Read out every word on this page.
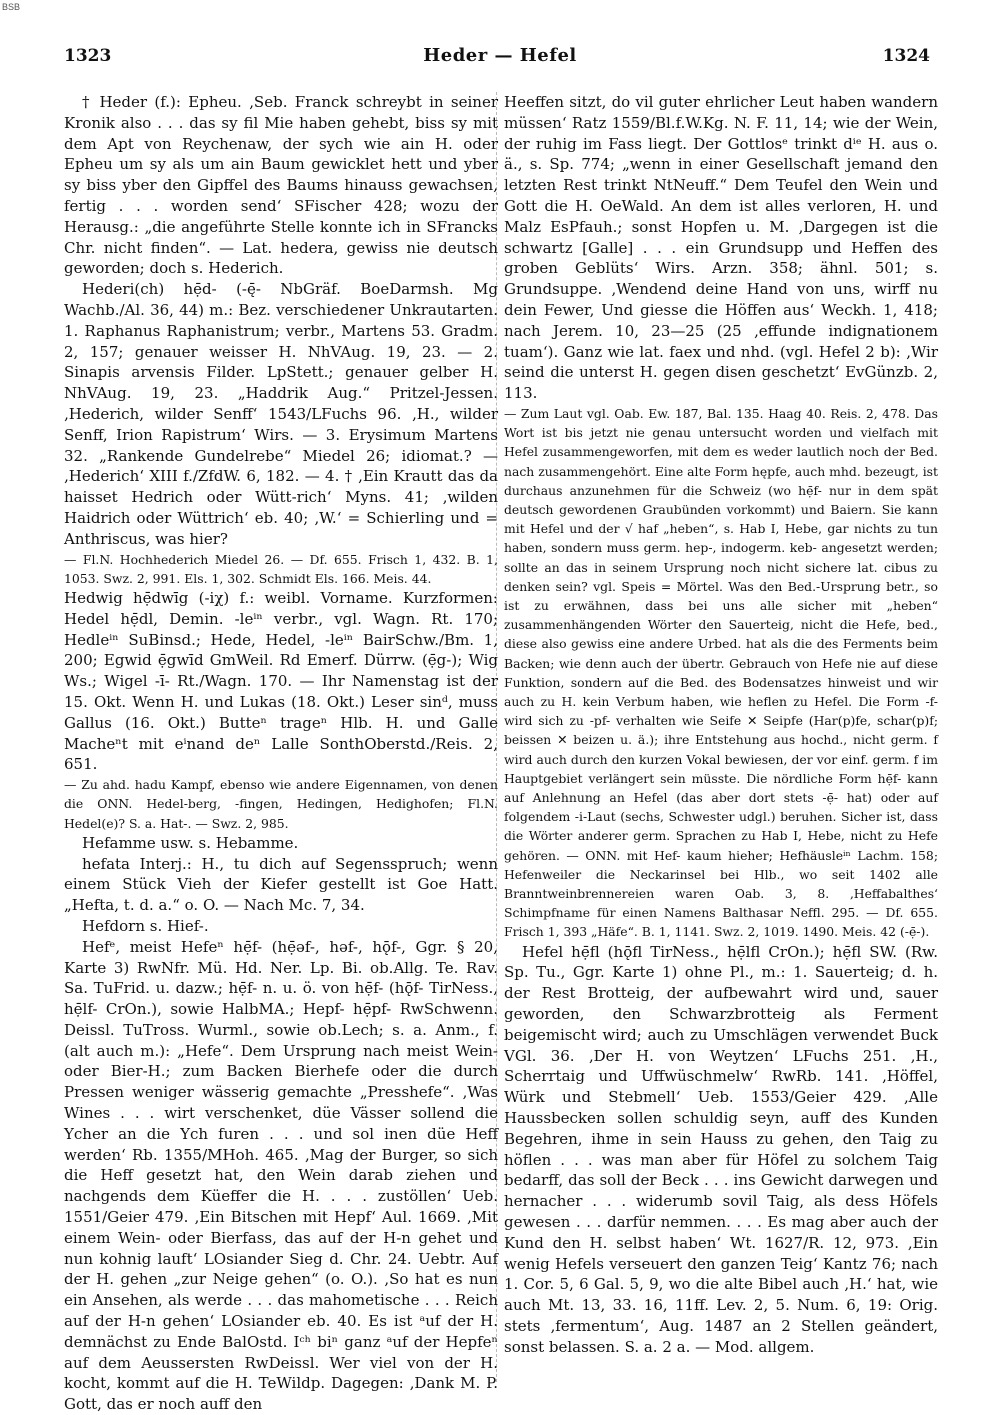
BSB
1323	Heder — Hefel	1324

† Heder (f.): Epheu. ‚Seb. Franck schreybt in seiner Kronik also . . . das sy fil Mie haben gehebt, biss sy mit dem Apt von Reychenaw, der sych wie ain H. oder Epheu um sy als um ain Baum gewicklet hett und yber sy biss yber den Gipffel des Baums hinauss gewachsen, fertig . . . worden send‘ SFischer 428; wozu der Herausg.: „die angeführte Stelle konnte ich in SFrancks Chr. nicht finden“. — Lat. hedera, gewiss nie deutsch geworden; doch s. Hederich.

Hederi(ch) hẹ̄d- (-ę̄- NbGräf. BoeDarmsh. Mg Wachb./Al. 36, 44) m.: Bez. verschiedener Unkrautarten. 1. Raphanus Raphanistrum; verbr., Martens 53. Gradm. 2, 157; genauer weisser H. NhVAug. 19, 23. — 2. Sinapis arvensis Filder. LpStett.; genauer gelber H. NhVAug. 19, 23. „Haddrik Aug.“ Pritzel-Jessen. ‚Hederich, wilder Senff‘ 1543/LFuchs 96. ‚H., wilder Senff, Irion Rapistrum‘ Wirs. — 3. Erysimum Martens 32. „Rankende Gundelrebe“ Miedel 26; idiomat.? — ‚Hederich‘ XIII f./ZfdW. 6, 182. — 4. † ‚Ein Krautt das da haisset Hedrich oder Wütt-rich‘ Myns. 41; ‚wilden Haidrich oder Wüttrich‘ eb. 40; ‚W.‘ = Schierling und = Anthriscus, was hier?

— Fl.N. Hochhederich Miedel 26. — Df. 655. Frisch 1, 432. B. 1, 1053. Swz. 2, 991. Els. 1, 302. Schmidt Els. 166. Meis. 44.

Hedwig hẹ̄dwīg (-iχ) f.: weibl. Vorname. Kurzformen: Hedel hẹ̄dl, Demin. -leⁱⁿ verbr., vgl. Wagn. Rt. 170; Hedleⁱⁿ SuBinsd.; Hede, Hedel, -leⁱⁿ BairSchw./Bm. 1, 200; Egwid ẹ̄gwīd GmWeil. Rd Emerf. Dürrw. (ẹ̄g-); Wig Ws.; Wigel -ī- Rt./Wagn. 170. — Ihr Namenstag ist der 15. Okt. Wenn H. und Lukas (18. Okt.) Leser sinᵈ, muss Gallus (16. Okt.) Butteⁿ trageⁿ Hlb. H. und Galle Macheⁿt mit eⁱnand deⁿ Lalle SonthOberstd./Reis. 2, 651.

— Zu ahd. hadu Kampf, ebenso wie andere Eigennamen, von denen die ONN. Hedel-berg, -fingen, Hedingen, Hedighofen; Fl.N. Hedel(e)? S. a. Hat-. — Swz. 2, 985.

Hefamme usw. s. Hebamme.

hefata Interj.: H., tu dich auf Segensspruch; wenn einem Stück Vieh der Kiefer gestellt ist Goe Hatt. „Hefta, t. d. a.“ o. O. — Nach Mc. 7, 34.

Hefdorn s. Hief-.

Hefᵉ, meist Hefeⁿ hẹ̄f- (hẹ̄əf-, həf-, hǭf-, Ggr. § 20, Karte 3) RwNfr. Mü. Hd. Ner. Lp. Bi. ob.Allg. Te. Rav. Sa. TuFrid. u. dazw.; hẹ̄f- n. u. ö. von hẹ̄f- (hǭf- TirNess., hẹ̄lf- CrOn.), sowie HalbMA.; Hepf- hẹ̄pf- RwSchwenn. Deissl. TuTross. Wurml., sowie ob.Lech; s. a. Anm., f. (alt auch m.): „Hefe“. Dem Ursprung nach meist Wein- oder Bier-H.; zum Backen Bierhefe oder die durch Pressen weniger wässerig gemachte „Presshefe“. ‚Was Wines . . . wirt verschenket, düe Vässer sollend die Ycher an die Ych furen . . . und sol inen düe Heff werden‘ Rb. 1355/MHoh. 465. ‚Mag der Burger, so sich die Heff gesetzt hat, den Wein darab ziehen und nachgends dem Küeffer die H. . . . zustöllen‘ Ueb. 1551/Geier 479. ‚Ein Bitschen mit Hepf‘ Aul. 1669. ‚Mit einem Wein- oder Bierfass, das auf der H-n gehet und nun kohnig lauft‘ LOsiander Sieg d. Chr. 24. Uebtr. Auf der H. gehen „zur Neige gehen“ (o. O.). ‚So hat es nun ein Ansehen, als werde . . . das mahometische . . . Reich auf der H-n gehen‘ LOsiander eb. 40. Es ist ᵃuf der H. demnächst zu Ende BalOstd. Iᶜʰ biⁿ ganz ᵃuf der Hepfeⁿ auf dem Aeussersten RwDeissl. Wer viel von der H. kocht, kommt auf die H. TeWildp. Dagegen: ‚Dank M. P. Gott, das er noch auff den

Heeffen sitzt, do vil guter ehrlicher Leut haben wandern müssen‘ Ratz 1559/Bl.f.W.Kg. N. F. 11, 14; wie der Wein, der ruhig im Fass liegt. Der Gottlosᵉ trinkt dⁱᵉ H. aus o. ä., s. Sp. 774; „wenn in einer Gesellschaft jemand den letzten Rest trinkt NtNeuff.“ Dem Teufel den Wein und Gott die H. OeWald. An dem ist alles verloren, H. und Malz EsPfauh.; sonst Hopfen u. M. ‚Dargegen ist die schwartz [Galle] . . . ein Grundsupp und Heffen des groben Geblüts‘ Wirs. Arzn. 358; ähnl. 501; s. Grundsuppe. ‚Wendend deine Hand von uns, wirff nu dein Fewer, Und giesse die Höffen aus‘ Weckh. 1, 418; nach Jerem. 10, 23—25 (25 ‚effunde indignationem tuam‘). Ganz wie lat. faex und nhd. (vgl. Hefel 2 b): ‚Wir seind die unterst H. gegen disen geschetzt‘ EvGünzb. 2, 113.

— Zum Laut vgl. Oab. Ew. 187, Bal. 135. Haag 40. Reis. 2, 478. Das Wort ist bis jetzt nie genau untersucht worden und vielfach mit Hefel zusammengeworfen, mit dem es weder lautlich noch der Bed. nach zusammengehört. Eine alte Form hępfe, auch mhd. bezeugt, ist durchaus anzunehmen für die Schweiz (wo hẹ̄f- nur in dem spät deutsch gewordenen Graubünden vorkommt) und Baiern. Sie kann mit Hefel und der √ haf „heben“, s. Hab I, Hebe, gar nichts zu tun haben, sondern muss germ. hep-, indogerm. keb- angesetzt werden; sollte an das in seinem Ursprung noch nicht sichere lat. cibus zu denken sein? vgl. Speis = Mörtel. Was den Bed.-Ursprung betr., so ist zu erwähnen, dass bei uns alle sicher mit „heben“ zusammenhängenden Wörter den Sauerteig, nicht die Hefe, bed., diese also gewiss eine andere Urbed. hat als die des Ferments beim Backen; wie denn auch der übertr. Gebrauch von Hefe nie auf diese Funktion, sondern auf die Bed. des Bodensatzes hinweist und wir auch zu H. kein Verbum haben, wie heflen zu Hefel. Die Form -f- wird sich zu -pf- verhalten wie Seife ✕ Seipfe (Har(p)fe, schar(p)f; beissen ✕ beizen u. ä.); ihre Entstehung aus hochd., nicht germ. f wird auch durch den kurzen Vokal bewiesen, der vor einf. germ. f im Hauptgebiet verlängert sein müsste. Die nördliche Form hẹ̄f- kann auf Anlehnung an Hefel (das aber dort stets -ẹ̄- hat) oder auf folgendem -i-Laut (sechs, Schwester udgl.) beruhen. Sicher ist, dass die Wörter anderer germ. Sprachen zu Hab I, Hebe, nicht zu Hefe gehören. — ONN. mit Hef- kaum hieher; Hefhäusleⁱⁿ Lachm. 158; Hefenweiler die Neckarinsel bei Hlb., wo seit 1402 alle Branntweinbrennereien waren Oab. 3, 8. ‚Heffabalthes‘ Schimpfname für einen Namens Balthasar Neffl. 295. — Df. 655. Frisch 1, 393 „Häfe“. B. 1, 1141. Swz. 2, 1019. 1490. Meis. 42 (-ẹ̄-).

Hefel hẹ̄fl (hǭfl TirNess., hẹ̄lfl CrOn.); hẹ̄fl SW. (Rw. Sp. Tu., Ggr. Karte 1) ohne Pl., m.: 1. Sauerteig; d. h. der Rest Brotteig, der aufbewahrt wird und, sauer geworden, den Schwarzbrotteig als Ferment beigemischt wird; auch zu Umschlägen verwendet Buck VGl. 36. ‚Der H. von Weytzen‘ LFuchs 251. ‚H., Scherrtaig und Uffwüschmelw‘ RwRb. 141. ‚Höffel, Würk und Stebmell‘ Ueb. 1553/Geier 429. ‚Alle Haussbecken sollen schuldig seyn, auff des Kunden Begehren, ihme in sein Hauss zu gehen, den Taig zu höflen . . . was man aber für Höfel zu solchem Taig bedarff, das soll der Beck . . . ins Gewicht darwegen und hernacher . . . widerumb sovil Taig, als dess Höfels gewesen . . . darfür nemmen. . . . Es mag aber auch der Kund den H. selbst haben‘ Wt. 1627/R. 12, 973. ‚Ein wenig Hefels verseuert den ganzen Teig‘ Kantz 76; nach 1. Cor. 5, 6 Gal. 5, 9, wo die alte Bibel auch ‚H.‘ hat, wie auch Mt. 13, 33. 16, 11ff. Lev. 2, 5. Num. 6, 19: Orig. stets ‚fermentum‘, Aug. 1487 an 2 Stellen geändert, sonst belassen. S. a. 2 a. — Mod. allgem.
